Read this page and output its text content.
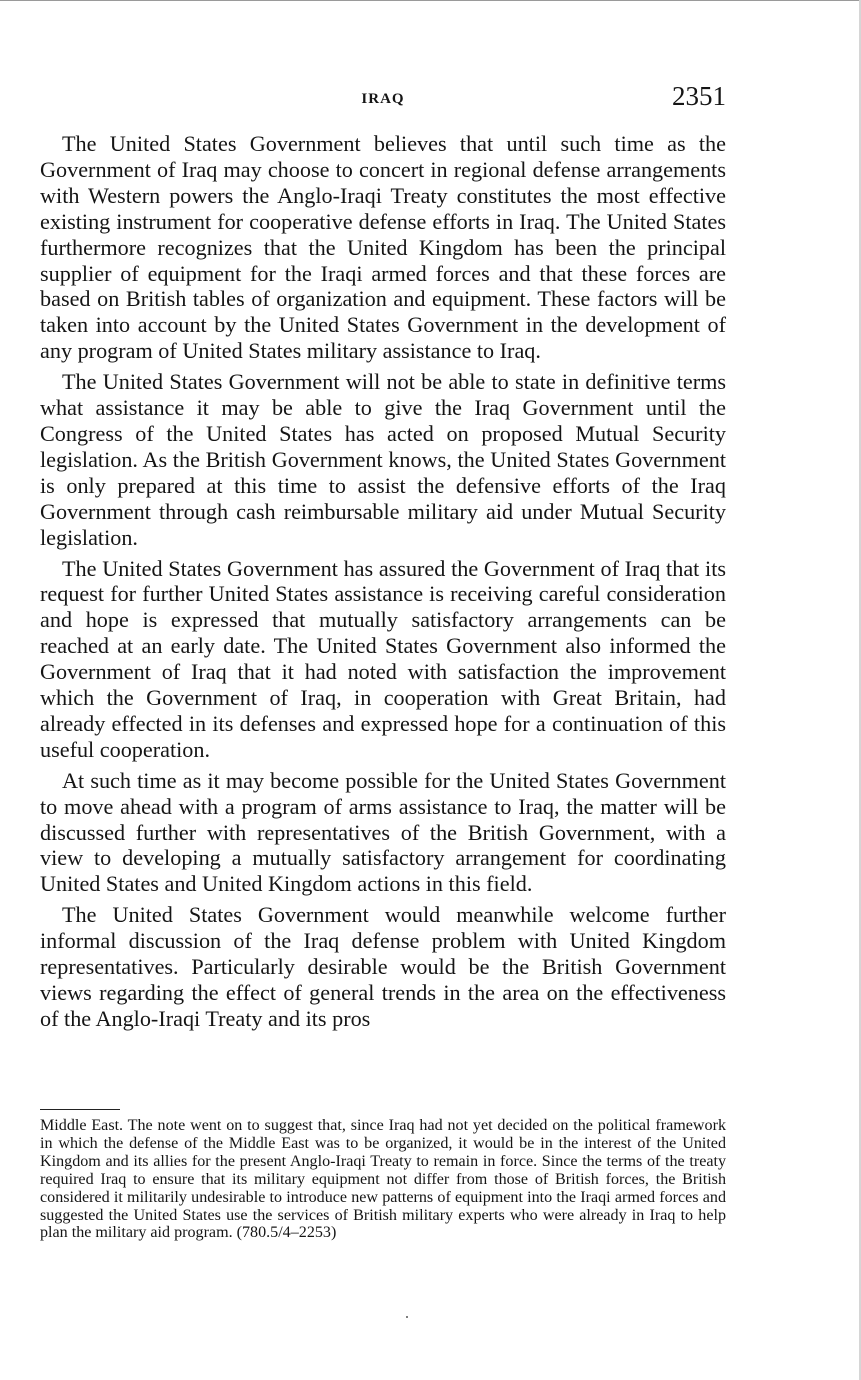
IRAQ	2351

The United States Government believes that until such time as the Government of Iraq may choose to concert in regional defense arrangements with Western powers the Anglo-Iraqi Treaty constitutes the most effective existing instrument for cooperative defense efforts in Iraq. The United States furthermore recognizes that the United Kingdom has been the principal supplier of equipment for the Iraqi armed forces and that these forces are based on British tables of organization and equipment. These factors will be taken into account by the United States Government in the development of any program of United States military assistance to Iraq.

The United States Government will not be able to state in definitive terms what assistance it may be able to give the Iraq Government until the Congress of the United States has acted on proposed Mutual Security legislation. As the British Government knows, the United States Government is only prepared at this time to assist the defensive efforts of the Iraq Government through cash reimbursable military aid under Mutual Security legislation.

The United States Government has assured the Government of Iraq that its request for further United States assistance is receiving careful consideration and hope is expressed that mutually satisfactory arrangements can be reached at an early date. The United States Government also informed the Government of Iraq that it had noted with satisfaction the improvement which the Government of Iraq, in cooperation with Great Britain, had already effected in its defenses and expressed hope for a continuation of this useful cooperation.

At such time as it may become possible for the United States Government to move ahead with a program of arms assistance to Iraq, the matter will be discussed further with representatives of the British Government, with a view to developing a mutually satisfactory arrangement for coordinating United States and United Kingdom actions in this field.

The United States Government would meanwhile welcome further informal discussion of the Iraq defense problem with United Kingdom representatives. Particularly desirable would be the British Government views regarding the effect of general trends in the area on the effectiveness of the Anglo-Iraqi Treaty and its pros

Middle East. The note went on to suggest that, since Iraq had not yet decided on the political framework in which the defense of the Middle East was to be organized, it would be in the interest of the United Kingdom and its allies for the present Anglo-Iraqi Treaty to remain in force. Since the terms of the treaty required Iraq to ensure that its military equipment not differ from those of British forces, the British considered it militarily undesirable to introduce new patterns of equipment into the Iraqi armed forces and suggested the United States use the services of British military experts who were already in Iraq to help plan the military aid program. (780.5/4–2253)
